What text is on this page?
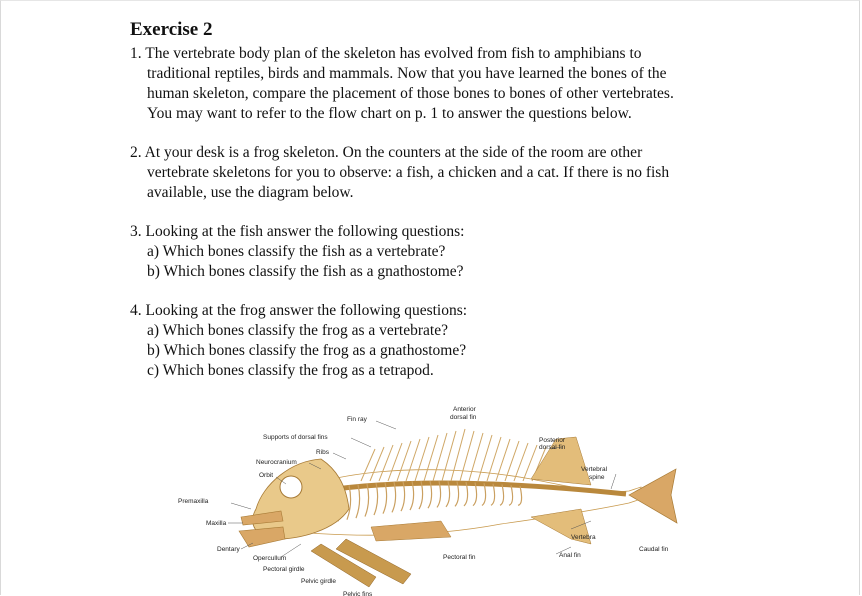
Exercise 2
1. The vertebrate body plan of the skeleton has evolved from fish to amphibians to
traditional reptiles, birds and mammals. Now that you have learned the bones of the
human skeleton, compare the placement of those bones to bones of other vertebrates.
You may want to refer to the flow chart on p. 1 to answer the questions below.
2. At your desk is a frog skeleton. On the counters at the side of the room are other
vertebrate skeletons for you to observe: a fish, a chicken and a cat. If there is no fish
available, use the diagram below.
3. Looking at the fish answer the following questions:
a) Which bones classify the fish as a vertebrate?
b) Which bones classify the fish as a gnathostome?
4. Looking at the frog answer the following questions:
a) Which bones classify the frog as a vertebrate?
b) Which bones classify the frog as a gnathostome?
c) Which bones classify the frog as a tetrapod.
Anterior
dorsal fin
Fin ray
Supports of dorsal fins
Ribs
Posterior
dorsal fin
Neurocranium
Orbit
Vertebral
spine
Premaxilla
Maxilla
Vertebra
Dentary	Caudal fin
Opercullum	Pectoral fin	Anal fin
Pectoral girdle
Pelvic girdle
Pelvic fins
